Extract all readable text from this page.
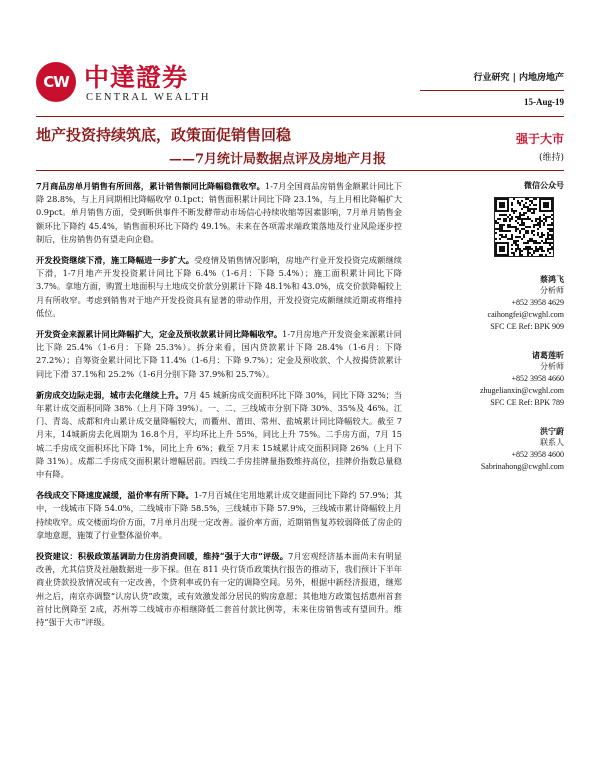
CW 中達證券
CENTRAL WEALTH
行业研究 | 内地房地产
15-Aug-19
地产投资持续筑底，政策面促销售回稳
——7月统计局数据点评及房地产月报
强于大市
(维持)

7月商品房单月销售有所回落，累计销售额同比降幅稳微收窄。1-7月全国商品房销售金额累计同比下降 28.8%，与上月同期相比降幅收窄 0.1pct；销售面积累计同比下降 23.1%，与上月相比降幅扩大 0.9pct。单月销售方面，受到断供事件不断发酵带动市场信心持续收缩等因素影响，7月单月销售金额环比下降约 45.4%，销售面积环比下降约 49.1%。未来在各项需求端政策落地及行业风险逐步控制后，住房销售仍有望走向企稳。

开发投资继续下滑，施工降幅进一步扩大。受疫情及销售情况影响，房地产行业开发投资完成额继续下滑，1-7月地产开发投资累计同比下降 6.4%（1-6月：下降 5.4%）；施工面积累计同比下降 3.7%。拿地方面，购置土地面积与土地成交价款分别累计下降 48.1%和 43.0%，成交价款降幅较上月有所收窄。考虑到销售对于地产开发投资具有显著的带动作用，开发投资完成额继续近期或将维持低位。

开发资金来源累计同比降幅扩大，定金及预收款累计同比降幅收窄。1-7月房地产开发资金来源累计同比下降 25.4%（1-6月：下降 25.3%）。拆分来看，国内贷款累计下降 28.4%（1-6月：下降 27.2%）；自筹资金累计同比下降 11.4%（1-6月：下降 9.7%）；定金及预收款、个人按揭贷款累计同比下滑 37.1%和 25.2%（1-6月分别下降 37.9%和 25.7%）。

新房成交边际走弱，城市去化继续上升。7月 45 城新房成交面积环比下降 30%，同比下降 32%；当年累计成交面积同降 38%（上月下降 39%）。一、二、三线城市分别下降 30%、35%及 46%。江门、青岛、成都和舟山累计成交量降幅较大，而衢州、莆田、常州、盐城累计同比降幅较大。截至 7月末，14城新房去化周期为 16.8个月，平均环比上升 55%，同比上升 75%。二手房方面，7月 15城二手房成交面积环比下降 1%，同比上升 6%；截至 7月末 15城累计成交面积同降 26%（上月下降 31%）。成都二手房成交面积累计增幅居前。四线二手房挂牌量指数维持高位，挂牌价指数总量稳中有降。

各线成交下降速度减缓，溢价率有所下降。1-7月百城住宅用地累计成交建面同比下降约 57.9%；其中，一线城市下降 54.0%，二线城市下降 58.5%，三线城市下降 57.9%，三线城市累计降幅较上月持续收窄。成交楼面均价方面，7月单月出现一定改善。溢价率方面，近期销售复苏较弱降低了房企的拿地意愿，施策了行业整体溢价率。

投资建议：积极政策基调助力住房消费回暖，维持“强于大市”评级。7月宏观经济基本面尚未有明显改善，尤其信贷及社融数据进一步下探。但在 811 央行货币政策执行报告的推动下，我们预计下半年商业贷款投放情况或有一定改善，个贷利率或仍有一定的调降空间。另外，根据中新经济报道，继郑州之后，南京亦调整“认房认贷”政策，或有效激发部分居民的购房意愿；其他地方政策包括惠州首套首付比例降至 2成，苏州等二线城市亦相继降低二套首付款比例等，未来住房销售或有望回升。维持“强于大市”评级。

微信公众号
蔡鸿飞
分析师
+852 3958 4629
caihongfei@cwghl.com
SFC CE Ref: BPK 909
诸葛莲昕
分析师
+852 3958 4660
zhugelianxin@cwghl.com
SFC CE Ref: BPK 789
洪宁蔚
联系人
+852 3958 4600
Sabrinahong@cwghl.com
